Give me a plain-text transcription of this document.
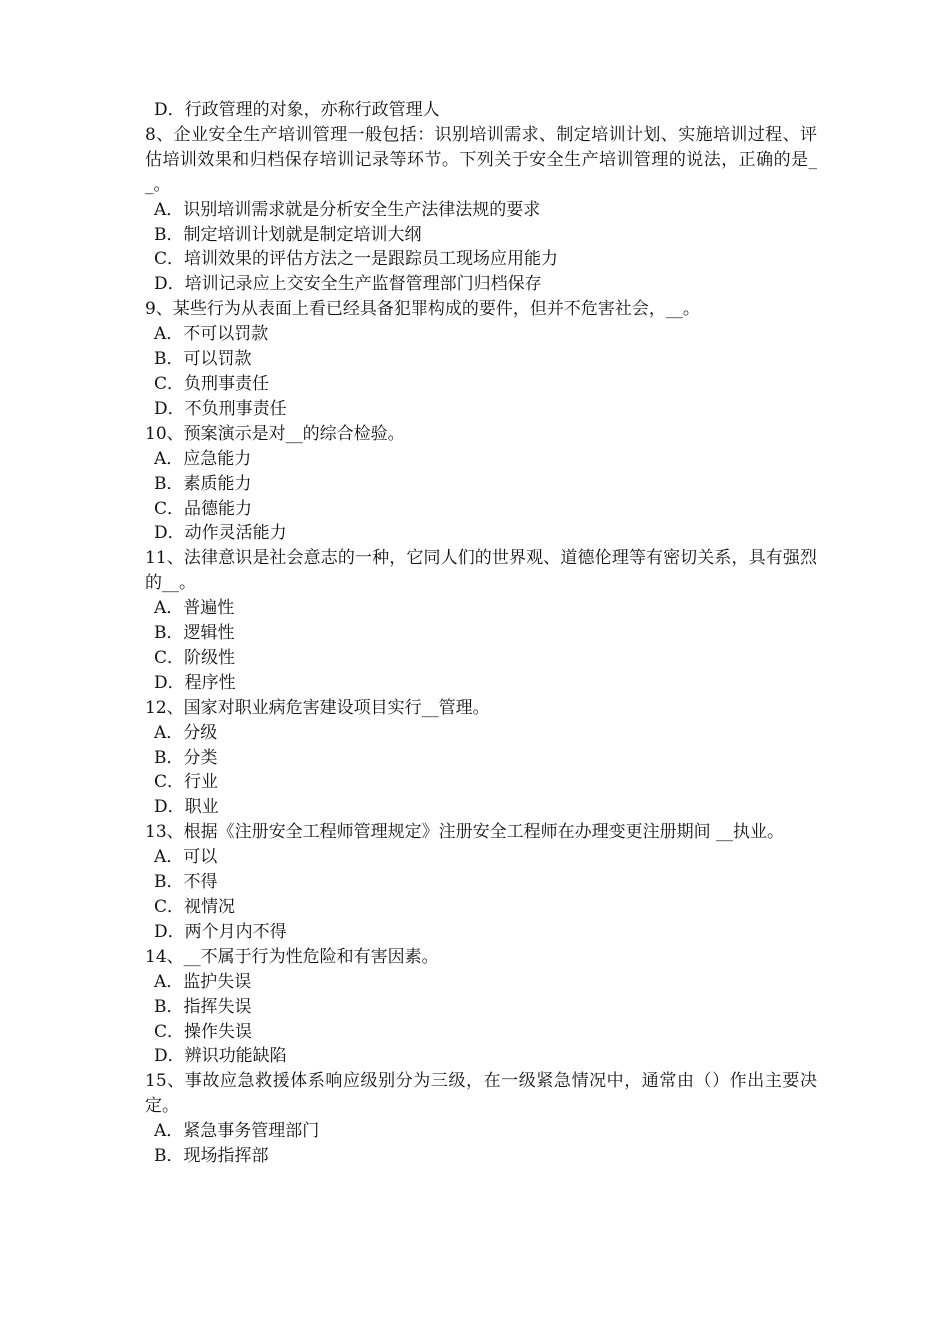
D．行政管理的对象，亦称行政管理人

8、企业安全生产培训管理一般包括：识别培训需求、制定培训计划、实施培训过程、评估培训效果和归档保存培训记录等环节。下列关于安全生产培训管理的说法，正确的是__。

A．识别培训需求就是分析安全生产法律法规的要求

B．制定培训计划就是制定培训大纲

C．培训效果的评估方法之一是跟踪员工现场应用能力

D．培训记录应上交安全生产监督管理部门归档保存

9、某些行为从表面上看已经具备犯罪构成的要件，但并不危害社会，__。

A．不可以罚款

B．可以罚款

C．负刑事责任

D．不负刑事责任

10、预案演示是对__的综合检验。

A．应急能力

B．素质能力

C．品德能力

D．动作灵活能力

11、法律意识是社会意志的一种，它同人们的世界观、道德伦理等有密切关系，具有强烈的__。

A．普遍性

B．逻辑性

C．阶级性

D．程序性

12、国家对职业病危害建设项目实行__管理。

A．分级

B．分类

C．行业

D．职业

13、根据《注册安全工程师管理规定》注册安全工程师在办理变更注册期间 __执业。

A．可以

B．不得

C．视情况

D．两个月内不得

14、__不属于行为性危险和有害因素。

A．监护失误

B．指挥失误

C．操作失误

D．辨识功能缺陷

15、事故应急救援体系响应级别分为三级，在一级紧急情况中，通常由（）作出主要决定。

A．紧急事务管理部门

B．现场指挥部
